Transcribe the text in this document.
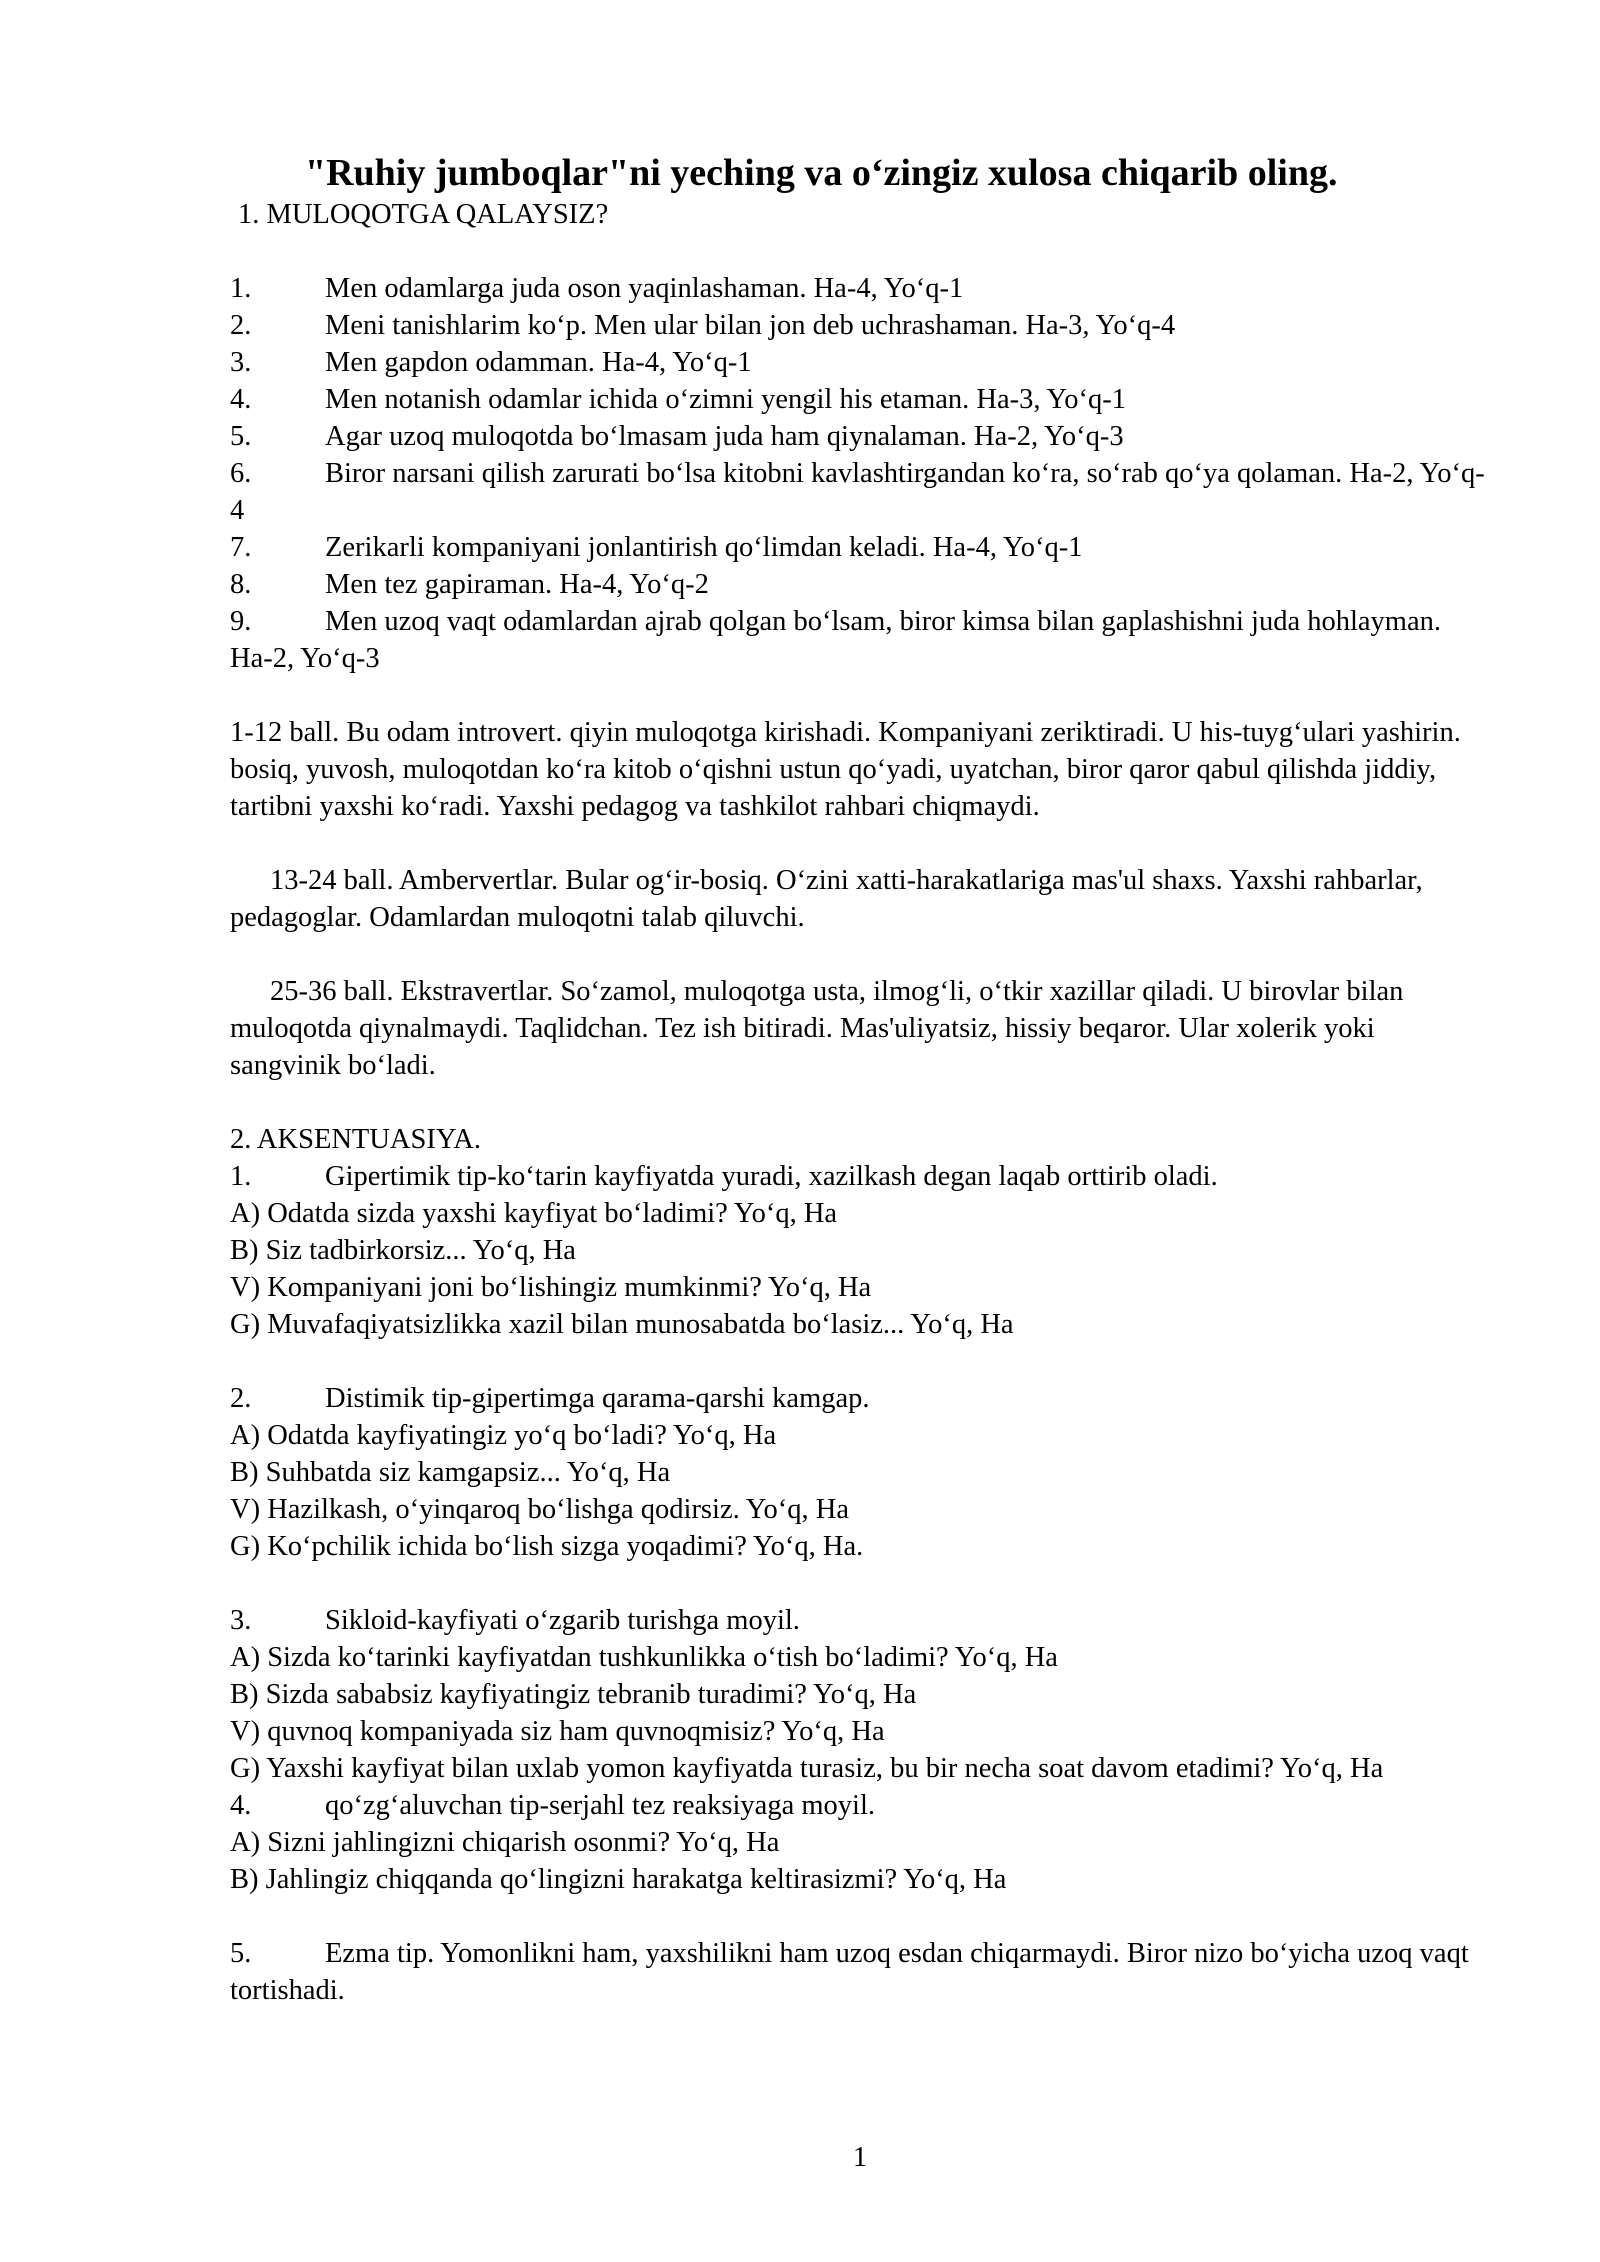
"Ruhiy jumboqlar"ni yeching va o‘zingiz xulosa chiqarib oling.

1. MULOQOTGA QALAYSIZ?

1.	Men odamlarga juda oson yaqinlashaman. Ha-4, Yo‘q-1
2.	Meni tanishlarim ko‘p. Men ular bilan jon deb uchrashaman. Ha-3, Yo‘q-4
3.	Men gapdon odamman. Ha-4, Yo‘q-1
4.	Men notanish odamlar ichida o‘zimni yengil his etaman. Ha-3, Yo‘q-1
5.	Agar uzoq muloqotda bo‘lmasam juda ham qiynalaman. Ha-2, Yo‘q-3
6.	Biror narsani qilish zarurati bo‘lsa kitobni kavlashtirgandan ko‘ra, so‘rab qo‘ya qolaman. Ha-2, Yo‘q-4
7.	Zerikarli kompaniyani jonlantirish qo‘limdan keladi. Ha-4, Yo‘q-1
8.	Men tez gapiraman. Ha-4, Yo‘q-2
9.	Men uzoq vaqt odamlardan ajrab qolgan bo‘lsam, biror kimsa bilan gaplashishni juda hohlayman. Ha-2, Yo‘q-3

1-12 ball. Bu odam introvert. qiyin muloqotga kirishadi. Kompaniyani zeriktiradi. U his-tuyg‘ulari yashirin. bosiq, yuvosh, muloqotdan ko‘ra kitob o‘qishni ustun qo‘yadi, uyatchan, biror qaror qabul qilishda jiddiy, tartibni yaxshi ko‘radi. Yaxshi pedagog va tashkilot rahbari chiqmaydi.

13-24 ball. Ambervertlar. Bular og‘ir-bosiq. O‘zini xatti-harakatlariga mas'ul shaxs. Yaxshi rahbarlar, pedagoglar. Odamlardan muloqotni talab qiluvchi.

25-36 ball. Ekstravertlar. So‘zamol, muloqotga usta, ilmog‘li, o‘tkir xazillar qiladi. U birovlar bilan muloqotda qiynalmaydi. Taqlidchan. Tez ish bitiradi. Mas'uliyatsiz, hissiy beqaror. Ular xolerik yoki sangvinik bo‘ladi.

2. AKSENTUASIYA.

1.	Gipertimik tip-ko‘tarin kayfiyatda yuradi, xazilkash degan laqab orttirib oladi.

A) Odatda sizda yaxshi kayfiyat bo‘ladimi? Yo‘q, Ha

B) Siz tadbirkorsiz... Yo‘q, Ha

V) Kompaniyani joni bo‘lishingiz mumkinmi? Yo‘q, Ha

G) Muvafaqiyatsizlikka xazil bilan munosabatda bo‘lasiz... Yo‘q, Ha

2.	Distimik tip-gipertimga qarama-qarshi kamgap.

A) Odatda kayfiyatingiz yo‘q bo‘ladi? Yo‘q, Ha

B) Suhbatda siz kamgapsiz... Yo‘q, Ha

V) Hazilkash, o‘yinqaroq bo‘lishga qodirsiz. Yo‘q, Ha

G) Ko‘pchilik ichida bo‘lish sizga yoqadimi? Yo‘q, Ha.

3.	Sikloid-kayfiyati o‘zgarib turishga moyil.

A) Sizda ko‘tarinki kayfiyatdan tushkunlikka o‘tish bo‘ladimi? Yo‘q, Ha

B) Sizda sababsiz kayfiyatingiz tebranib turadimi? Yo‘q, Ha

V) quvnoq kompaniyada siz ham quvnoqmisiz? Yo‘q, Ha

G) Yaxshi kayfiyat bilan uxlab yomon kayfiyatda turasiz, bu bir necha soat davom etadimi? Yo‘q, Ha

4.	qo‘zg‘aluvchan tip-serjahl tez reaksiyaga moyil.

A) Sizni jahlingizni chiqarish osonmi? Yo‘q, Ha

B) Jahlingiz chiqqanda qo‘lingizni harakatga keltirasizmi? Yo‘q, Ha

5.	Ezma tip. Yomonlikni ham, yaxshilikni ham uzoq esdan chiqarmaydi. Biror nizo bo‘yicha uzoq vaqt tortishadi.
1
